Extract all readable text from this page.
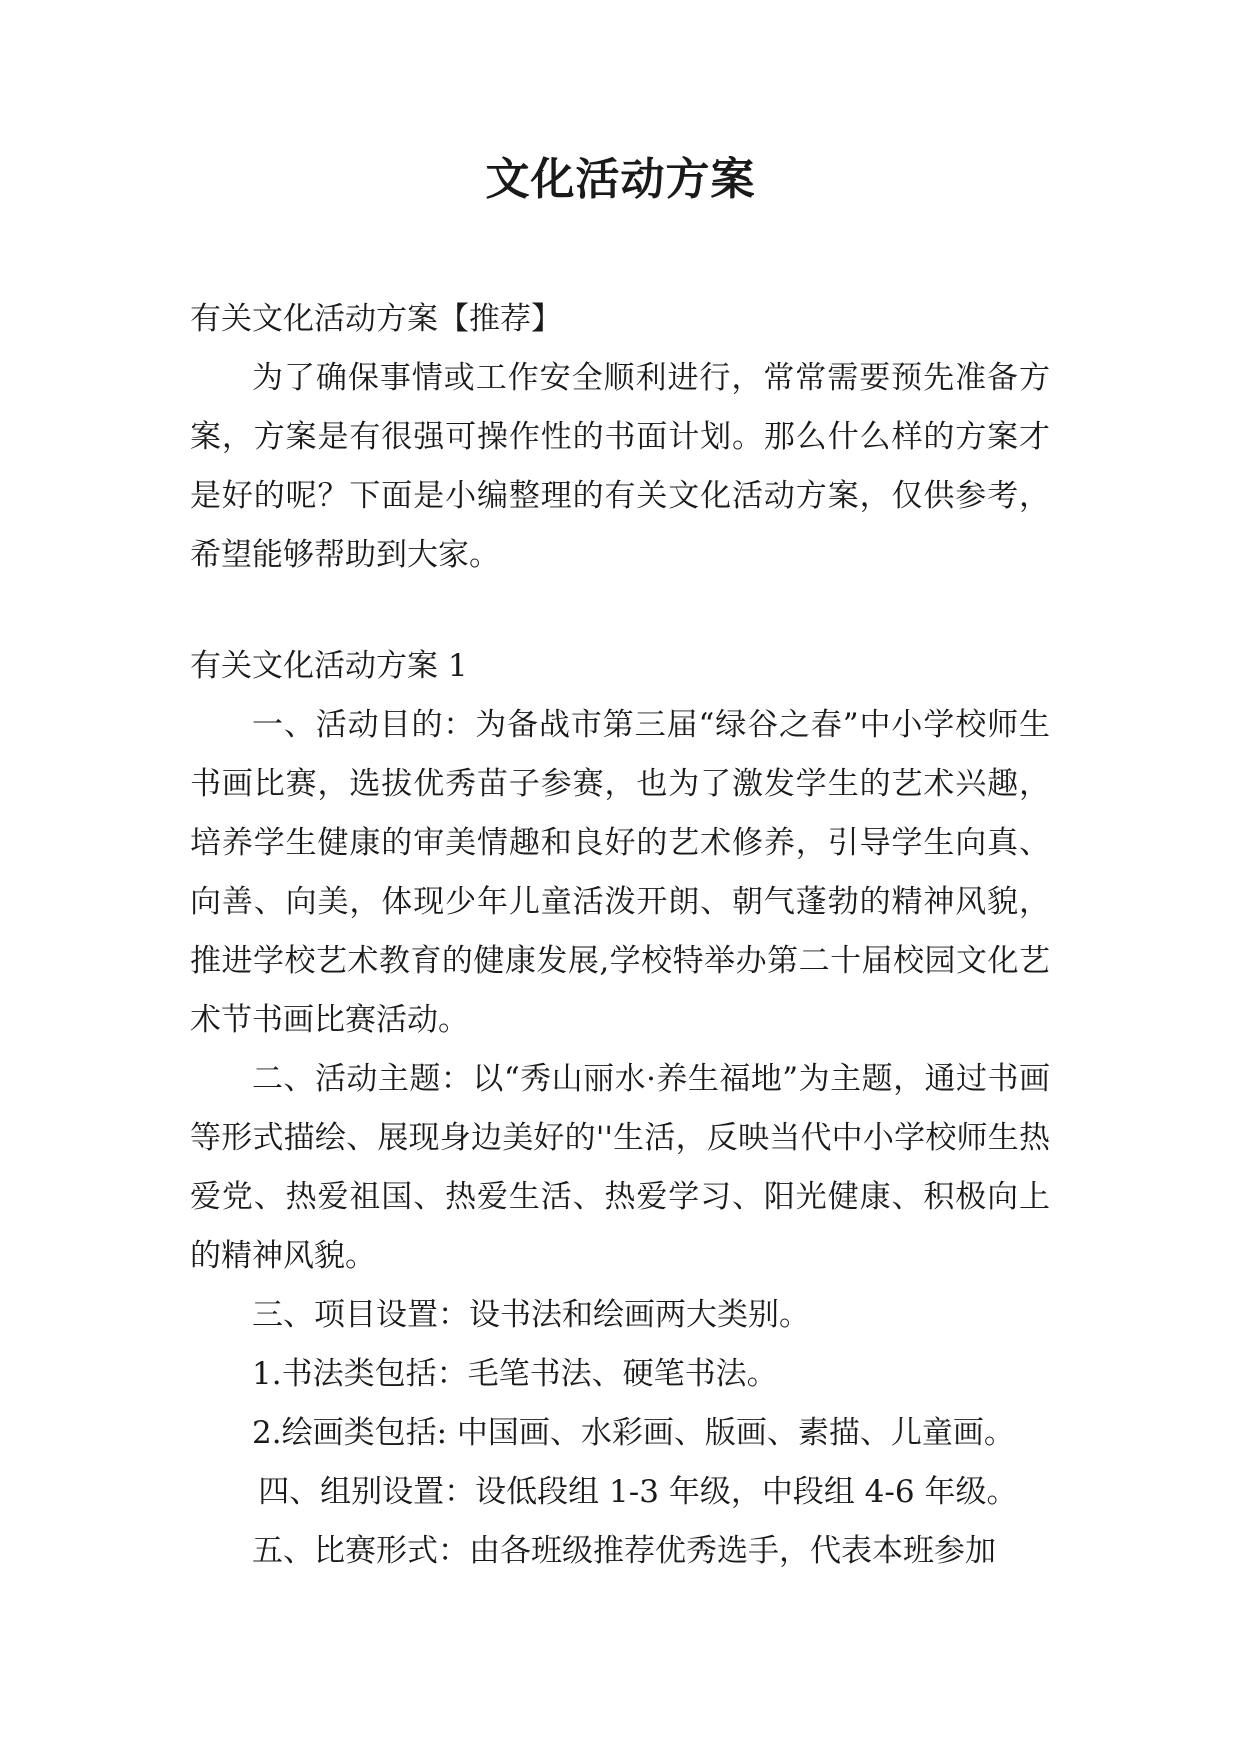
文化活动方案

有关文化活动方案【推荐】

为了确保事情或工作安全顺利进行，常常需要预先准备方案，方案是有很强可操作性的书面计划。那么什么样的方案才是好的呢？下面是小编整理的有关文化活动方案，仅供参考，希望能够帮助到大家。

有关文化活动方案 1

一、活动目的：为备战市第三届“绿谷之春”中小学校师生书画比赛，选拔优秀苗子参赛，也为了激发学生的艺术兴趣，培养学生健康的审美情趣和良好的艺术修养，引导学生向真、向善、向美，体现少年儿童活泼开朗、朝气蓬勃的精神风貌，推进学校艺术教育的健康发展,学校特举办第二十届校园文化艺术节书画比赛活动。

二、活动主题：以“秀山丽水·养生福地”为主题，通过书画等形式描绘、展现身边美好的''生活，反映当代中小学校师生热爱党、热爱祖国、热爱生活、热爱学习、阳光健康、积极向上的精神风貌。

三、项目设置：设书法和绘画两大类别。

1.书法类包括：毛笔书法、硬笔书法。

2.绘画类包括: 中国画、水彩画、版画、素描、儿童画。

四、组别设置：设低段组 1-3 年级，中段组 4-6 年级。

五、比赛形式：由各班级推荐优秀选手，代表本班参加
